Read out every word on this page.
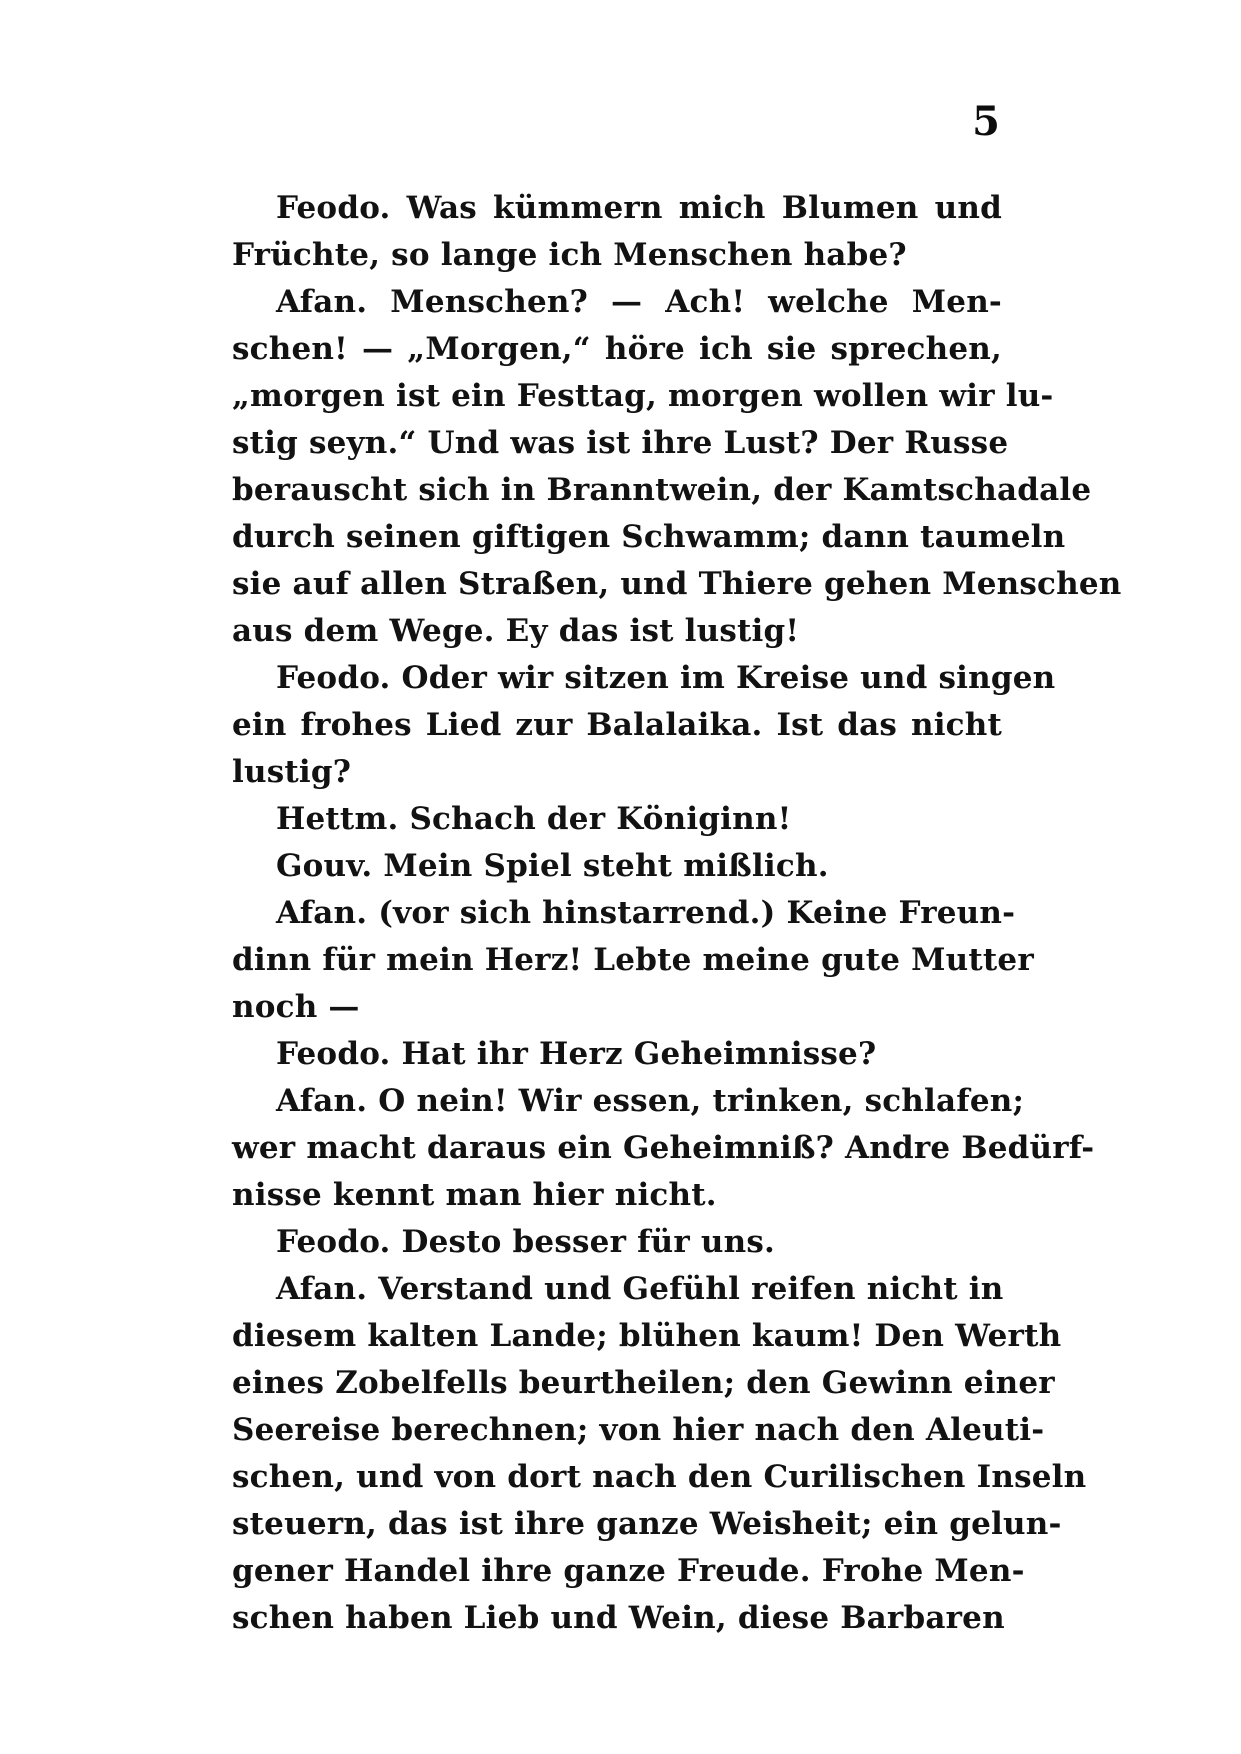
5
Feodo. Was kümmern mich Blumen und
Früchte, so lange ich Menschen habe?
Afan. Menschen? — Ach! welche Men-
schen! — „Morgen,“ höre ich sie sprechen,
„morgen ist ein Festtag, morgen wollen wir lu-
stig seyn.“ Und was ist ihre Lust? Der Russe
berauscht sich in Branntwein, der Kamtschadale
durch seinen giftigen Schwamm; dann taumeln
sie auf allen Straßen, und Thiere gehen Menschen
aus dem Wege. Ey das ist lustig!
Feodo. Oder wir sitzen im Kreise und singen
ein frohes Lied zur Balalaika. Ist das nicht
lustig?
Hettm. Schach der Königinn!
Gouv. Mein Spiel steht mißlich.
Afan. (vor sich hinstarrend.) Keine Freun-
dinn für mein Herz! Lebte meine gute Mutter
noch —
Feodo. Hat ihr Herz Geheimnisse?
Afan. O nein! Wir essen, trinken, schlafen;
wer macht daraus ein Geheimniß? Andre Bedürf-
nisse kennt man hier nicht.
Feodo. Desto besser für uns.
Afan. Verstand und Gefühl reifen nicht in
diesem kalten Lande; blühen kaum! Den Werth
eines Zobelfells beurtheilen; den Gewinn einer
Seereise berechnen; von hier nach den Aleuti-
schen, und von dort nach den Curilischen Inseln
steuern, das ist ihre ganze Weisheit; ein gelun-
gener Handel ihre ganze Freude. Frohe Men-
schen haben Lieb und Wein, diese Barbaren
